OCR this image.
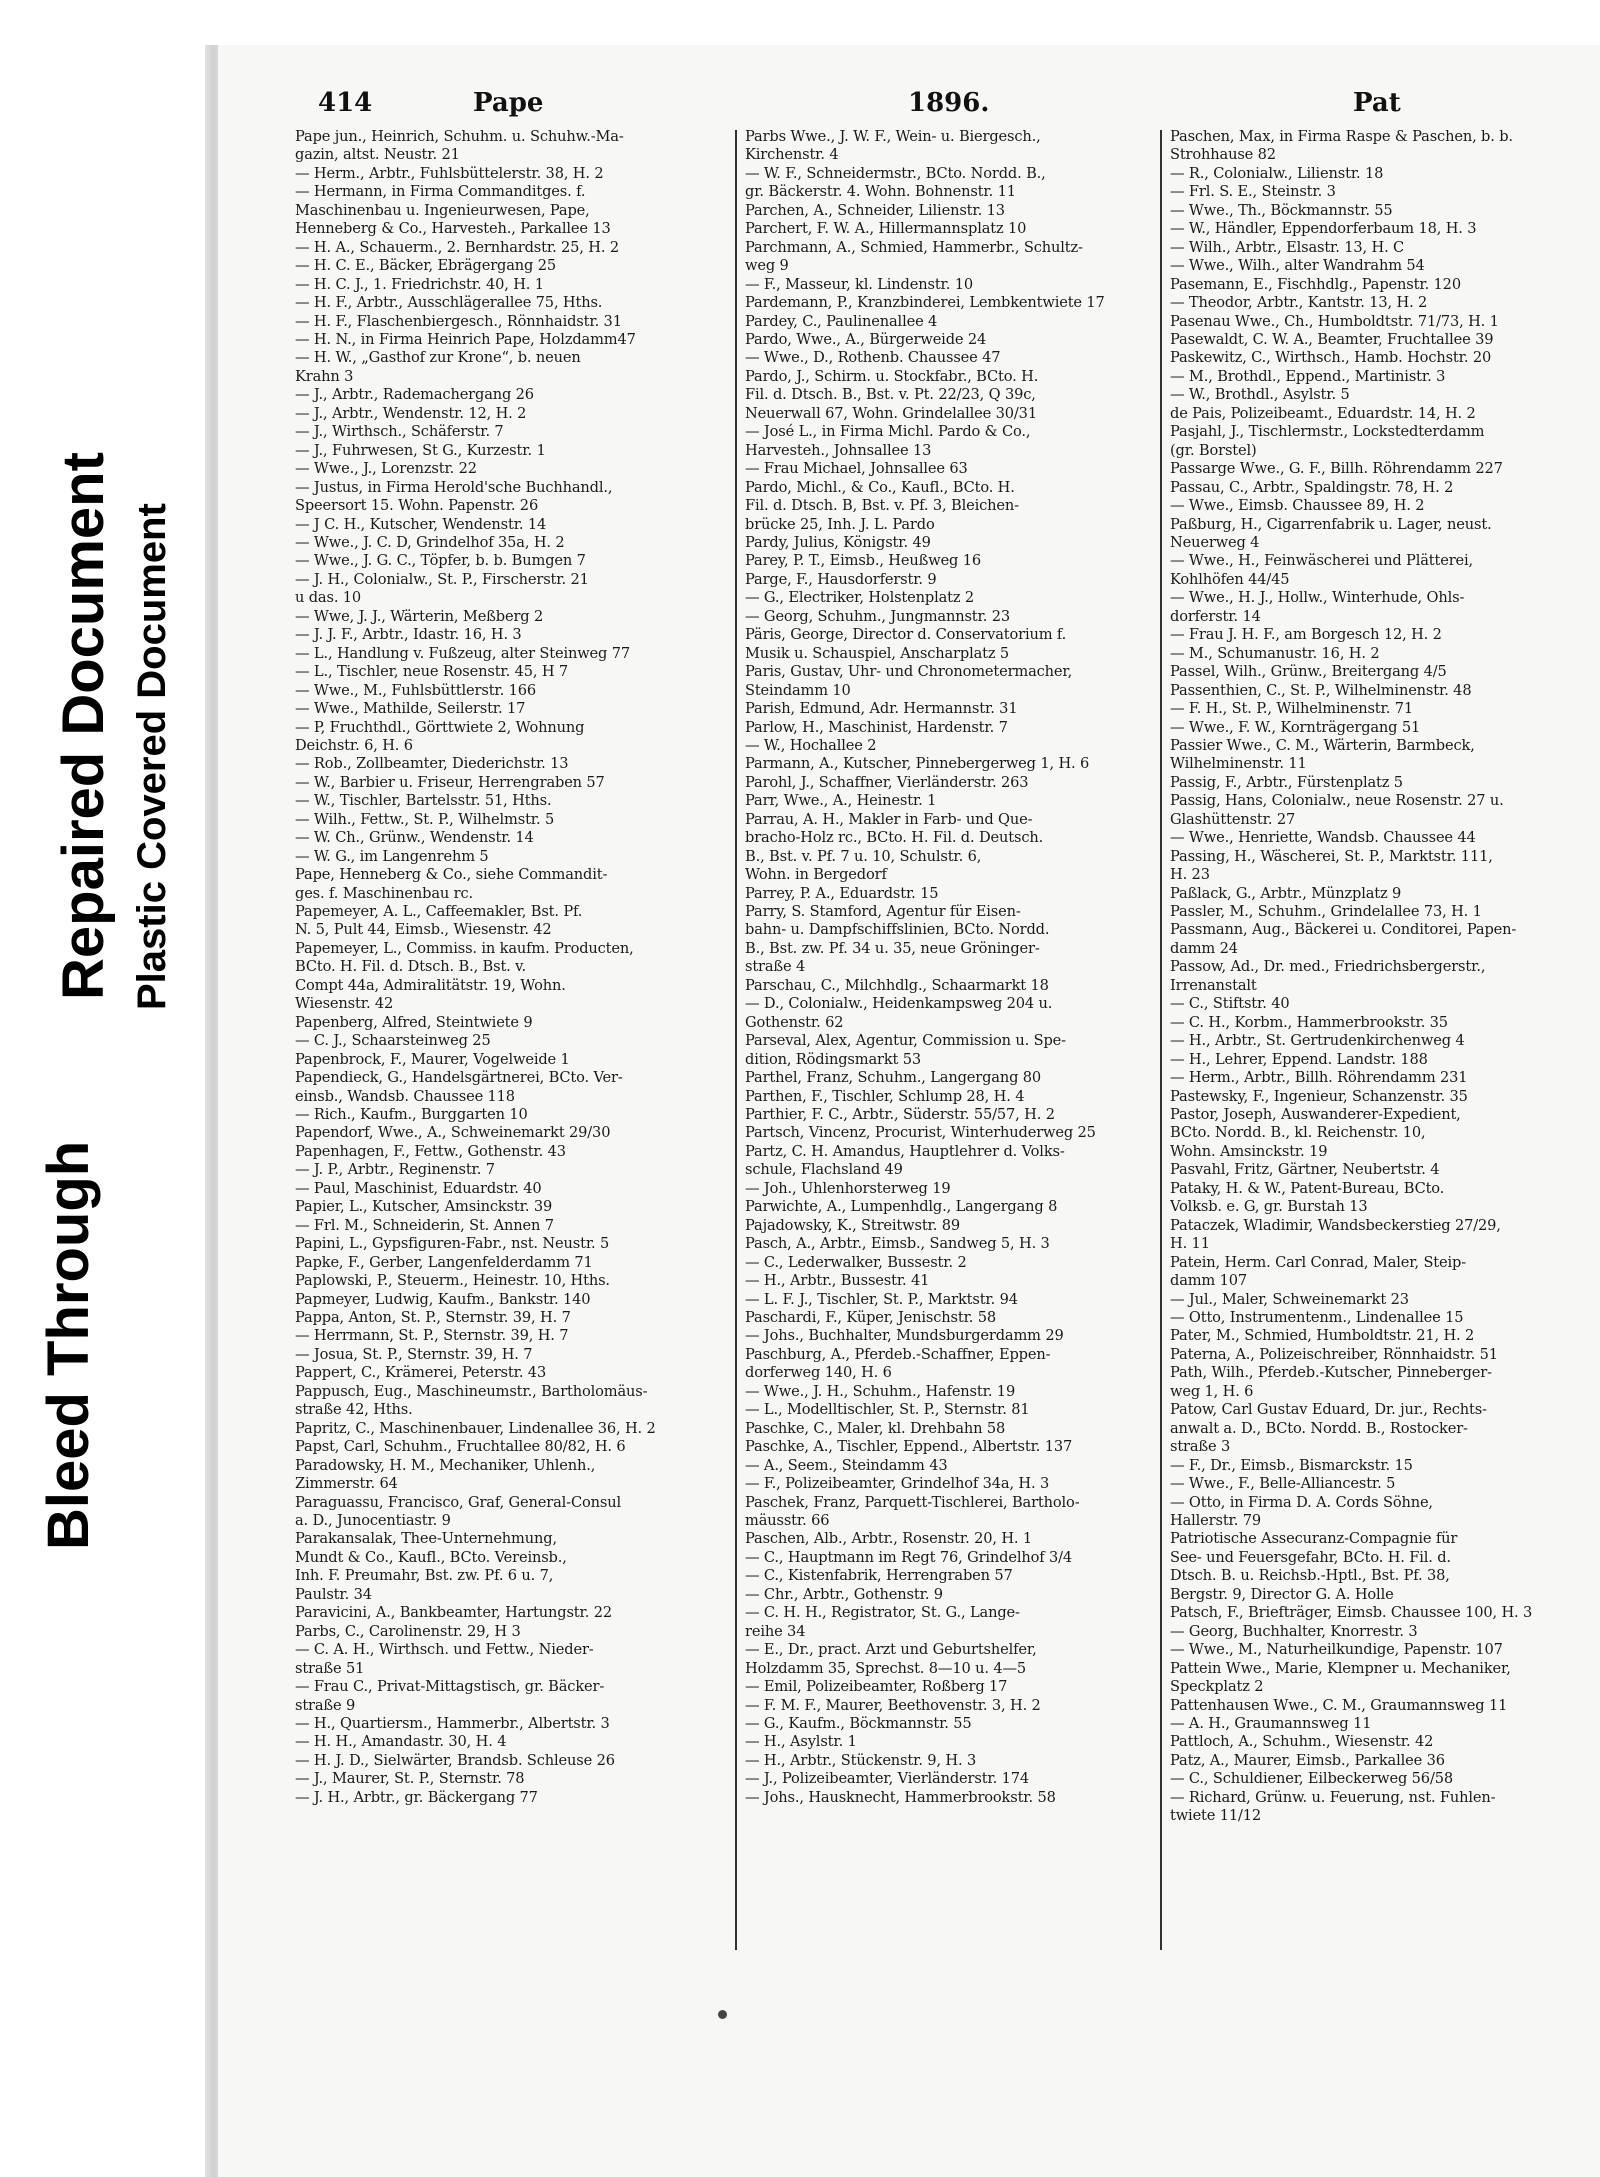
Bleed Through
Repaired Document Plastic Covered Document
414	Pape	1896.	Pat
Pape jun., Heinrich, Schuhm. u. Schuhw.-Ma-
gazin, altst. Neustr. 21
— Herm., Arbtr., Fuhlsbüttelerstr. 38, H. 2
— Hermann, in Firma Commanditges. f.
Maschinenbau u. Ingenieurwesen, Pape,
Henneberg & Co., Harvesteh., Parkallee 13
— H. A., Schauerm., 2. Bernhardstr. 25, H. 2
— H. C. E., Bäcker, Ebrägergang 25
— H. C. J., 1. Friedrichstr. 40, H. 1
— H. F., Arbtr., Ausschlägerallee 75, Hths.
— H. F., Flaschenbiergesch., Rönnhaidstr. 31
— H. N., in Firma Heinrich Pape, Holzdamm47
— H. W., „Gasthof zur Krone“, b. neuen
Krahn 3
— J., Arbtr., Rademachergang 26
— J., Arbtr., Wendenstr. 12, H. 2
— J., Wirthsch., Schäferstr. 7
— J., Fuhrwesen, St G., Kurzestr. 1
— Wwe., J., Lorenzstr. 22
— Justus, in Firma Herold'sche Buchhandl.,
Speersort 15. Wohn. Papenstr. 26
— J C. H., Kutscher, Wendenstr. 14
— Wwe., J. C. D, Grindelhof 35a, H. 2
— Wwe., J. G. C., Töpfer, b. b. Bumgen 7
— J. H., Colonialw., St. P., Firscherstr. 21
u das. 10
— Wwe, J. J., Wärterin, Meßberg 2
— J. J. F., Arbtr., Idastr. 16, H. 3
— L., Handlung v. Fußzeug, alter Steinweg 77
— L., Tischler, neue Rosenstr. 45, H 7
— Wwe., M., Fuhlsbüttlerstr. 166
— Wwe., Mathilde, Seilerstr. 17
— P, Fruchthdl., Görttwiete 2, Wohnung
Deichstr. 6, H. 6
— Rob., Zollbeamter, Diederichstr. 13
— W., Barbier u. Friseur, Herrengraben 57
— W., Tischler, Bartelsstr. 51, Hths.
— Wilh., Fettw., St. P., Wilhelmstr. 5
— W. Ch., Grünw., Wendenstr. 14
— W. G., im Langenrehm 5
Pape, Henneberg & Co., siehe Commandit-
ges. f. Maschinenbau rc.
Papemeyer, A. L., Caffeemakler, Bst. Pf.
N. 5, Pult 44, Eimsb., Wiesenstr. 42
Papemeyer, L., Commiss. in kaufm. Producten,
BCto. H. Fil. d. Dtsch. B., Bst. v.
Compt 44a, Admiralitätstr. 19, Wohn.
Wiesenstr. 42
Papenberg, Alfred, Steintwiete 9
— C. J., Schaarsteinweg 25
Papenbrock, F., Maurer, Vogelweide 1
Papendieck, G., Handelsgärtnerei, BCto. Ver-
einsb., Wandsb. Chaussee 118
— Rich., Kaufm., Burggarten 10
Papendorf, Wwe., A., Schweinemarkt 29/30
Papenhagen, F., Fettw., Gothenstr. 43
— J. P., Arbtr., Reginenstr. 7
— Paul, Maschinist, Eduardstr. 40
Papier, L., Kutscher, Amsinckstr. 39
— Frl. M., Schneiderin, St. Annen 7
Papini, L., Gypsfiguren-Fabr., nst. Neustr. 5
Papke, F., Gerber, Langenfelderdamm 71
Paplowski, P., Steuerm., Heinestr. 10, Hths.
Papmeyer, Ludwig, Kaufm., Bankstr. 140
Pappa, Anton, St. P., Sternstr. 39, H. 7
— Herrmann, St. P., Sternstr. 39, H. 7
— Josua, St. P., Sternstr. 39, H. 7
Pappert, C., Krämerei, Peterstr. 43
Pappusch, Eug., Maschineumstr., Bartholomäus-
straße 42, Hths.
Papritz, C., Maschinenbauer, Lindenallee 36, H. 2
Papst, Carl, Schuhm., Fruchtallee 80/82, H. 6
Paradowsky, H. M., Mechaniker, Uhlenh.,
Zimmerstr. 64
Paraguassu, Francisco, Graf, General-Consul
a. D., Junocentiastr. 9
Parakansalak, Thee-Unternehmung,
Mundt & Co., Kaufl., BCto. Vereinsb.,
Inh. F. Preumahr, Bst. zw. Pf. 6 u. 7,
Paulstr. 34
Paravicini, A., Bankbeamter, Hartungstr. 22
Parbs, C., Carolinenstr. 29, H 3
— C. A. H., Wirthsch. und Fettw., Nieder-
straße 51
— Frau C., Privat-Mittagstisch, gr. Bäcker-
straße 9
— H., Quartiersm., Hammerbr., Albertstr. 3
— H. H., Amandastr. 30, H. 4
— H. J. D., Sielwärter, Brandsb. Schleuse 26
— J., Maurer, St. P., Sternstr. 78
— J. H., Arbtr., gr. Bäckergang 77
Parbs Wwe., J. W. F., Wein- u. Biergesch.,
Kirchenstr. 4
— W. F., Schneidermstr., BCto. Nordd. B.,
gr. Bäckerstr. 4. Wohn. Bohnenstr. 11
Parchen, A., Schneider, Lilienstr. 13
Parchert, F. W. A., Hillermannsplatz 10
Parchmann, A., Schmied, Hammerbr., Schultz-
weg 9
— F., Masseur, kl. Lindenstr. 10
Pardemann, P., Kranzbinderei, Lembkentwiete 17
Pardey, C., Paulinenallee 4
Pardo, Wwe., A., Bürgerweide 24
— Wwe., D., Rothenb. Chaussee 47
Pardo, J., Schirm. u. Stockfabr., BCto. H.
Fil. d. Dtsch. B., Bst. v. Pt. 22/23, Q 39c,
Neuerwall 67, Wohn. Grindelallee 30/31
— José L., in Firma Michl. Pardo & Co.,
Harvesteh., Johnsallee 13
— Frau Michael, Johnsallee 63
Pardo, Michl., & Co., Kaufl., BCto. H.
Fil. d. Dtsch. B, Bst. v. Pf. 3, Bleichen-
brücke 25, Inh. J. L. Pardo
Pardy, Julius, Königstr. 49
Parey, P. T., Eimsb., Heußweg 16
Parge, F., Hausdorferstr. 9
— G., Electriker, Holstenplatz 2
— Georg, Schuhm., Jungmannstr. 23
Päris, George, Director d. Conservatorium f.
Musik u. Schauspiel, Anscharplatz 5
Paris, Gustav, Uhr- und Chronometermacher,
Steindamm 10
Parish, Edmund, Adr. Hermannstr. 31
Parlow, H., Maschinist, Hardenstr. 7
— W., Hochallee 2
Parmann, A., Kutscher, Pinnebergerweg 1, H. 6
Parohl, J., Schaffner, Vierländerstr. 263
Parr, Wwe., A., Heinestr. 1
Parrau, A. H., Makler in Farb- und Que-
bracho-Holz rc., BCto. H. Fil. d. Deutsch.
B., Bst. v. Pf. 7 u. 10, Schulstr. 6,
Wohn. in Bergedorf
Parrey, P. A., Eduardstr. 15
Parry, S. Stamford, Agentur für Eisen-
bahn- u. Dampfschiffslinien, BCto. Nordd.
B., Bst. zw. Pf. 34 u. 35, neue Gröninger-
straße 4
Parschau, C., Milchhdlg., Schaarmarkt 18
— D., Colonialw., Heidenkampsweg 204 u.
Gothenstr. 62
Parseval, Alex, Agentur, Commission u. Spe-
dition, Rödingsmarkt 53
Parthel, Franz, Schuhm., Langergang 80
Parthen, F., Tischler, Schlump 28, H. 4
Parthier, F. C., Arbtr., Süderstr. 55/57, H. 2
Partsch, Vincenz, Procurist, Winterhuderweg 25
Partz, C. H. Amandus, Hauptlehrer d. Volks-
schule, Flachsland 49
— Joh., Uhlenhorsterweg 19
Parwichte, A., Lumpenhdlg., Langergang 8
Pajadowsky, K., Streitwstr. 89
Pasch, A., Arbtr., Eimsb., Sandweg 5, H. 3
— C., Lederwalker, Bussestr. 2
— H., Arbtr., Bussestr. 41
— L. F. J., Tischler, St. P., Marktstr. 94
Paschardi, F., Küper, Jenischstr. 58
— Johs., Buchhalter, Mundsburgerdamm 29
Paschburg, A., Pferdeb.-Schaffner, Eppen-
dorferweg 140, H. 6
— Wwe., J. H., Schuhm., Hafenstr. 19
— L., Modelltischler, St. P., Sternstr. 81
Paschke, C., Maler, kl. Drehbahn 58
Paschke, A., Tischler, Eppend., Albertstr. 137
— A., Seem., Steindamm 43
— F., Polizeibeamter, Grindelhof 34a, H. 3
Paschek, Franz, Parquett-Tischlerei, Bartholo-
mäusstr. 66
Paschen, Alb., Arbtr., Rosenstr. 20, H. 1
— C., Hauptmann im Regt 76, Grindelhof 3/4
— C., Kistenfabrik, Herrengraben 57
— Chr., Arbtr., Gothenstr. 9
— C. H. H., Registrator, St. G., Lange-
reihe 34
— E., Dr., pract. Arzt und Geburtshelfer,
Holzdamm 35, Sprechst. 8—10 u. 4—5
— Emil, Polizeibeamter, Roßberg 17
— F. M. F., Maurer, Beethovenstr. 3, H. 2
— G., Kaufm., Böckmannstr. 55
— H., Asylstr. 1
— H., Arbtr., Stückenstr. 9, H. 3
— J., Polizeibeamter, Vierländerstr. 174
— Johs., Hausknecht, Hammerbrookstr. 58
Paschen, Max, in Firma Raspe & Paschen, b. b.
Strohhause 82
— R., Colonialw., Lilienstr. 18
— Frl. S. E., Steinstr. 3
— Wwe., Th., Böckmannstr. 55
— W., Händler, Eppendorferbaum 18, H. 3
— Wilh., Arbtr., Elsastr. 13, H. C
— Wwe., Wilh., alter Wandrahm 54
Pasemann, E., Fischhdlg., Papenstr. 120
— Theodor, Arbtr., Kantstr. 13, H. 2
Pasenau Wwe., Ch., Humboldtstr. 71/73, H. 1
Pasewaldt, C. W. A., Beamter, Fruchtallee 39
Paskewitz, C., Wirthsch., Hamb. Hochstr. 20
— M., Brothdl., Eppend., Martinistr. 3
— W., Brothdl., Asylstr. 5
de Pais, Polizeibeamt., Eduardstr. 14, H. 2
Pasjahl, J., Tischlermstr., Lockstedterdamm
(gr. Borstel)
Passarge Wwe., G. F., Billh. Röhrendamm 227
Passau, C., Arbtr., Spaldingstr. 78, H. 2
— Wwe., Eimsb. Chaussee 89, H. 2
Paßburg, H., Cigarrenfabrik u. Lager, neust.
Neuerweg 4
— Wwe., H., Feinwäscherei und Plätterei,
Kohlhöfen 44/45
— Wwe., H. J., Hollw., Winterhude, Ohls-
dorferstr. 14
— Frau J. H. F., am Borgesch 12, H. 2
— M., Schumanustr. 16, H. 2
Passel, Wilh., Grünw., Breitergang 4/5
Passenthien, C., St. P., Wilhelminenstr. 48
— F. H., St. P., Wilhelminenstr. 71
— Wwe., F. W., Kornträgergang 51
Passier Wwe., C. M., Wärterin, Barmbeck,
Wilhelminenstr. 11
Passig, F., Arbtr., Fürstenplatz 5
Passig, Hans, Colonialw., neue Rosenstr. 27 u.
Glashüttenstr. 27
— Wwe., Henriette, Wandsb. Chaussee 44
Passing, H., Wäscherei, St. P., Marktstr. 111,
H. 23
Paßlack, G., Arbtr., Münzplatz 9
Passler, M., Schuhm., Grindelallee 73, H. 1
Passmann, Aug., Bäckerei u. Conditorei, Papen-
damm 24
Passow, Ad., Dr. med., Friedrichsbergerstr.,
Irrenanstalt
— C., Stiftstr. 40
— C. H., Korbm., Hammerbrookstr. 35
— H., Arbtr., St. Gertrudenkirchenweg 4
— H., Lehrer, Eppend. Landstr. 188
— Herm., Arbtr., Billh. Röhrendamm 231
Pastewsky, F., Ingenieur, Schanzenstr. 35
Pastor, Joseph, Auswanderer-Expedient,
BCto. Nordd. B., kl. Reichenstr. 10,
Wohn. Amsinckstr. 19
Pasvahl, Fritz, Gärtner, Neubertstr. 4
Pataky, H. & W., Patent-Bureau, BCto.
Volksb. e. G, gr. Burstah 13
Pataczek, Wladimir, Wandsbeckerstieg 27/29,
H. 11
Patein, Herm. Carl Conrad, Maler, Steip-
damm 107
— Jul., Maler, Schweinemarkt 23
— Otto, Instrumentenm., Lindenallee 15
Pater, M., Schmied, Humboldtstr. 21, H. 2
Paterna, A., Polizeischreiber, Rönnhaidstr. 51
Path, Wilh., Pferdeb.-Kutscher, Pinneberger-
weg 1, H. 6
Patow, Carl Gustav Eduard, Dr. jur., Rechts-
anwalt a. D., BCto. Nordd. B., Rostocker-
straße 3
— F., Dr., Eimsb., Bismarckstr. 15
— Wwe., F., Belle-Alliancestr. 5
— Otto, in Firma D. A. Cords Söhne,
Hallerstr. 79
Patriotische Assecuranz-Compagnie für
See- und Feuersgefahr, BCto. H. Fil. d.
Dtsch. B. u. Reichsb.-Hptl., Bst. Pf. 38,
Bergstr. 9, Director G. A. Holle
Patsch, F., Briefträger, Eimsb. Chaussee 100, H. 3
— Georg, Buchhalter, Knorrestr. 3
— Wwe., M., Naturheilkundige, Papenstr. 107
Pattein Wwe., Marie, Klempner u. Mechaniker,
Speckplatz 2
Pattenhausen Wwe., C. M., Graumannsweg 11
— A. H., Graumannsweg 11
Pattloch, A., Schuhm., Wiesenstr. 42
Patz, A., Maurer, Eimsb., Parkallee 36
— C., Schuldiener, Eilbeckerweg 56/58
— Richard, Grünw. u. Feuerung, nst. Fuhlen-
twiete 11/12
